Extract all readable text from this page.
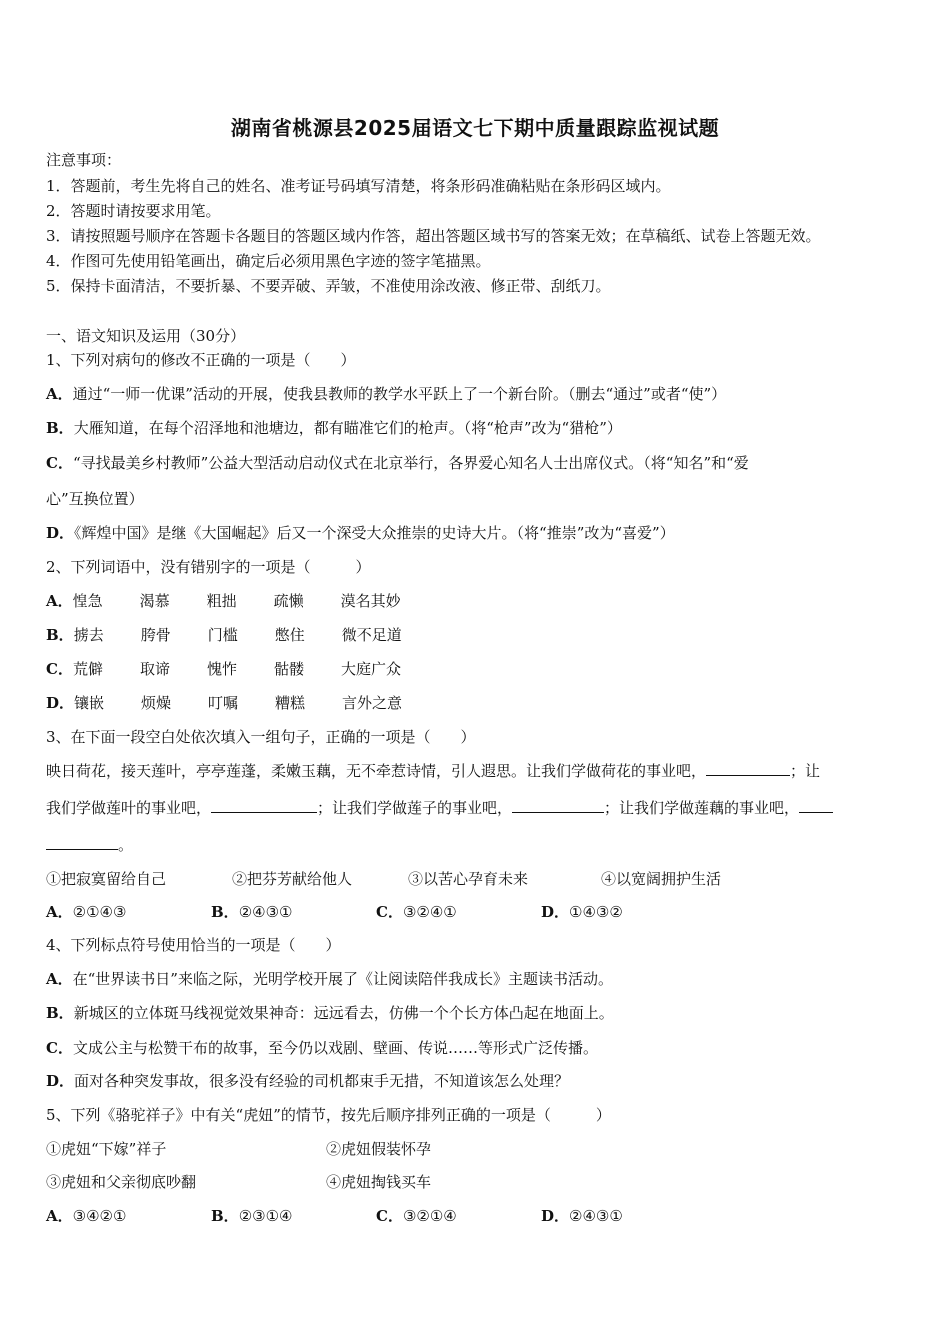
湖南省桃源县2025届语文七下期中质量跟踪监视试题
注意事项：
1．答题前，考生先将自己的姓名、准考证号码填写清楚，将条形码准确粘贴在条形码区域内。
2．答题时请按要求用笔。
3．请按照题号顺序在答题卡各题目的答题区域内作答，超出答题区域书写的答案无效；在草稿纸、试卷上答题无效。
4．作图可先使用铅笔画出，确定后必须用黑色字迹的签字笔描黑。
5．保持卡面清洁，不要折暴、不要弄破、弄皱，不准使用涂改液、修正带、刮纸刀。
一、语文知识及运用（30分）
1、下列对病句的修改不正确的一项是（　　）
A．通过“一师一优课”活动的开展，使我县教师的教学水平跃上了一个新台阶。（删去“通过”或者“使”）
B．大雁知道，在每个沼泽地和池塘边，都有瞄准它们的枪声。（将“枪声”改为“猎枪”）
C．“寻找最美乡村教师”公益大型活动启动仪式在北京举行，各界爱心知名人士出席仪式。（将“知名”和“爱
心”互换位置）
D．《辉煌中国》是继《大国崛起》后又一个深受大众推崇的史诗大片。（将“推崇”改为“喜爱”）
2、下列词语中，没有错别字的一项是（　　　）
A．惶急 渴慕 粗拙 疏懒 漠名其妙
B．掳去 胯骨 门槛 憋住 微不足道
C．荒僻 取谛 愧怍 骷髅 大庭广众
D．镶嵌 烦燥 叮嘱 糟糕 言外之意
3、在下面一段空白处依次填入一组句子，正确的一项是（　　）
映日荷花，接天莲叶，亭亭莲蓬，柔嫩玉藕，无不牵惹诗情，引人遐思。让我们学做荷花的事业吧，	；让
我们学做莲叶的事业吧，	；让我们学做莲子的事业吧，	；让我们学做莲藕的事业吧，
。
①把寂寞留给自己	②把芬芳献给他人	③以苦心孕育未来	④以宽阔拥护生活
A．②①④③	B．②④③①	C．③②④①	D．①④③②
4、下列标点符号使用恰当的一项是（　　）
A．在“世界读书日”来临之际，光明学校开展了《让阅读陪伴我成长》主题读书活动。
B．新城区的立体斑马线视觉效果神奇：远远看去，仿佛一个个长方体凸起在地面上。
C．文成公主与松赞干布的故事，至今仍以戏剧、壁画、传说……等形式广泛传播。
D．面对各种突发事故，很多没有经验的司机都束手无措，不知道该怎么处理？
5、下列《骆驼祥子》中有关“虎妞”的情节，按先后顺序排列正确的一项是（　　　）
①虎妞“下嫁”祥子	②虎妞假装怀孕
③虎妞和父亲彻底吵翻	④虎妞掏钱买车
A．③④②①	B．②③①④	C．③②①④	D．②④③①
